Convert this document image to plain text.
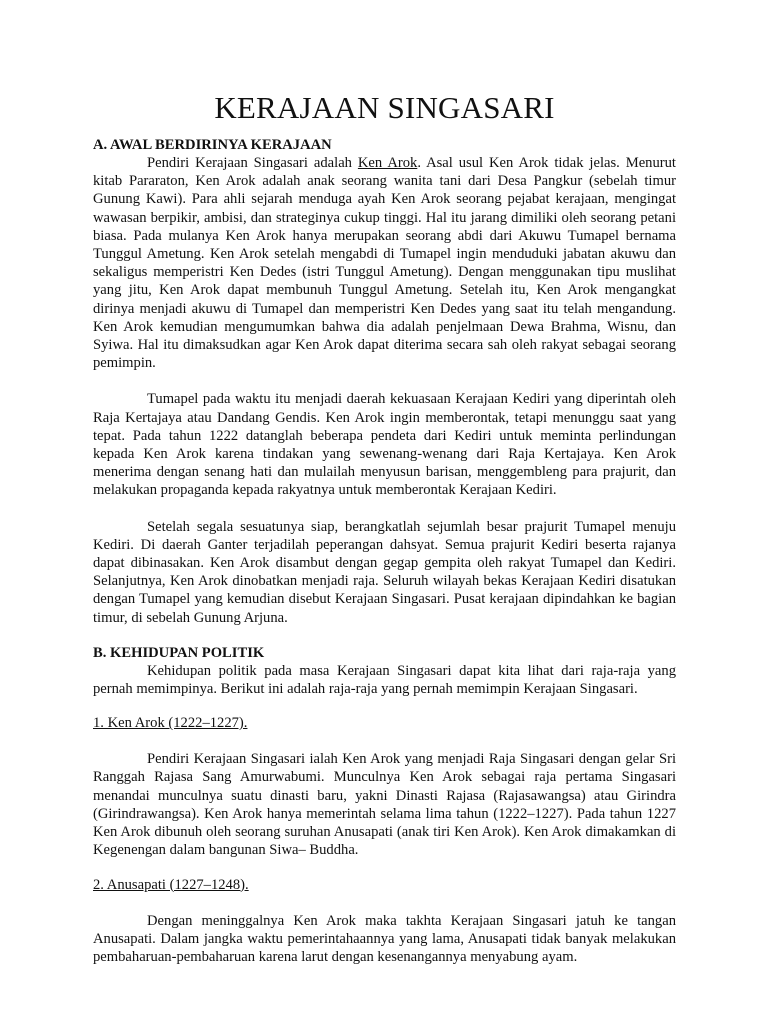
KERAJAAN SINGASARI
A. AWAL BERDIRINYA KERAJAAN

Pendiri Kerajaan Singasari adalah Ken Arok. Asal usul Ken Arok tidak jelas. Menurut kitab Pararaton, Ken Arok adalah anak seorang wanita tani dari Desa Pangkur (sebelah timur Gunung Kawi). Para ahli sejarah menduga ayah Ken Arok seorang pejabat kerajaan, mengingat wawasan berpikir, ambisi, dan strateginya cukup tinggi. Hal itu jarang dimiliki oleh seorang petani biasa. Pada mulanya Ken Arok hanya merupakan seorang abdi dari Akuwu Tumapel bernama Tunggul Ametung. Ken Arok setelah mengabdi di Tumapel ingin menduduki jabatan akuwu dan sekaligus memperistri Ken Dedes (istri Tunggul Ametung). Dengan menggunakan tipu muslihat yang jitu, Ken Arok dapat membunuh Tunggul Ametung. Setelah itu, Ken Arok mengangkat dirinya menjadi akuwu di Tumapel dan memperistri Ken Dedes yang saat itu telah mengandung. Ken Arok kemudian mengumumkan bahwa dia adalah penjelmaan Dewa Brahma, Wisnu, dan Syiwa. Hal itu dimaksudkan agar Ken Arok dapat diterima secara sah oleh rakyat sebagai seorang pemimpin.

Tumapel pada waktu itu menjadi daerah kekuasaan Kerajaan Kediri yang diperintah oleh Raja Kertajaya atau Dandang Gendis. Ken Arok ingin memberontak, tetapi menunggu saat yang tepat. Pada tahun 1222 datanglah beberapa pendeta dari Kediri untuk meminta perlindungan kepada Ken Arok karena tindakan yang sewenang-wenang dari Raja Kertajaya. Ken Arok menerima dengan senang hati dan mulailah menyusun barisan, menggembleng para prajurit, dan melakukan propaganda kepada rakyatnya untuk memberontak Kerajaan Kediri.

Setelah segala sesuatunya siap, berangkatlah sejumlah besar prajurit Tumapel menuju Kediri. Di daerah Ganter terjadilah peperangan dahsyat. Semua prajurit Kediri beserta rajanya dapat dibinasakan. Ken Arok disambut dengan gegap gempita oleh rakyat Tumapel dan Kediri. Selanjutnya, Ken Arok dinobatkan menjadi raja. Seluruh wilayah bekas Kerajaan Kediri disatukan dengan Tumapel yang kemudian disebut Kerajaan Singasari. Pusat kerajaan dipindahkan ke bagian timur, di sebelah Gunung Arjuna.

B. KEHIDUPAN POLITIK

Kehidupan politik pada masa Kerajaan Singasari dapat kita lihat dari raja-raja yang pernah memimpinya. Berikut ini adalah raja-raja yang pernah memimpin Kerajaan Singasari.

1. Ken Arok (1222–1227).

Pendiri Kerajaan Singasari ialah Ken Arok yang menjadi Raja Singasari dengan gelar Sri Ranggah Rajasa Sang Amurwabumi. Munculnya Ken Arok sebagai raja pertama Singasari menandai munculnya suatu dinasti baru, yakni Dinasti Rajasa (Rajasawangsa) atau Girindra (Girindrawangsa). Ken Arok hanya memerintah selama lima tahun (1222–1227). Pada tahun 1227 Ken Arok dibunuh oleh seorang suruhan Anusapati (anak tiri Ken Arok). Ken Arok dimakamkan di Kegenengan dalam bangunan Siwa– Buddha.

2. Anusapati (1227–1248).

Dengan meninggalnya Ken Arok maka takhta Kerajaan Singasari jatuh ke tangan Anusapati. Dalam jangka waktu pemerintahaannya yang lama, Anusapati tidak banyak melakukan pembaharuan-pembaharuan karena larut dengan kesenangannya menyabung ayam.
